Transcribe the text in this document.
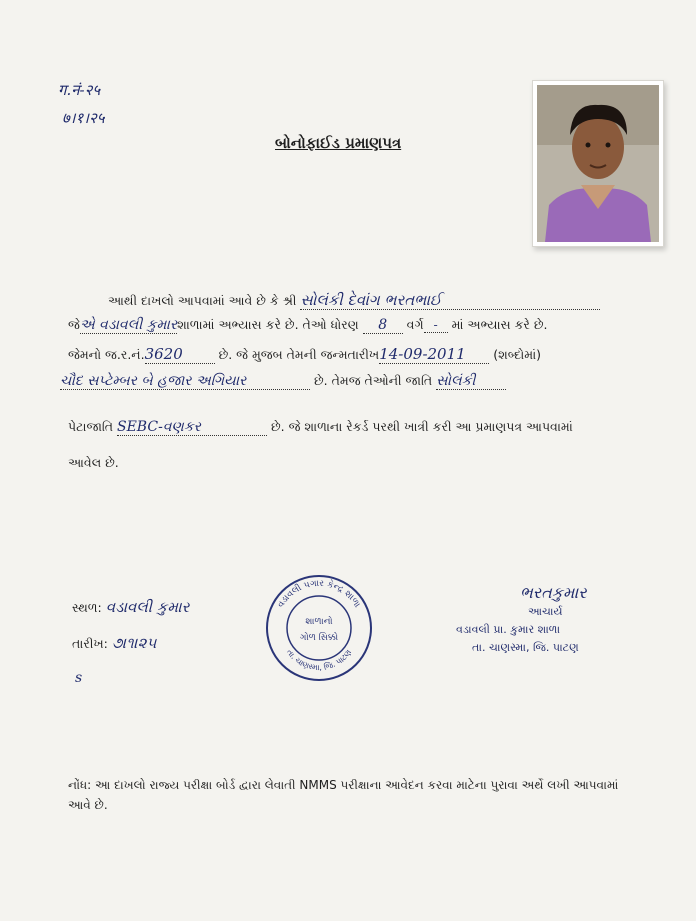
ग.नं-२५
७।१।२५
બોનોફાઈડ પ્રમાણપત્ર
આથી દાખલો આપવામાં આવે છે કે શ્રી સોલંકી દેવાંગ ભરતભાઈ
જેએ વડાવલી કુમારશાળામાં અભ્યાસ કરે છે. તેઓ ધોરણ 8 વર્ગ - માં અભ્યાસ કરે છે.
જેમનો જ.ર.નં.3620	છે. જે મુજબ તેમની જન્મતારીખ14-09-2011 (શબ્દોમાં)
ચૌદ સપ્ટેમ્બર બે હજાર અગિયાર	છે. તેમજ તેઓની જાતિ સોલંકી
પેટાજાતિ SEBC-વણકર	છે. જે શાળાના રેકર્ડ પરથી ખાત્રી કરી આ પ્રમાણપત્ર આપવામાં
આવેલ છે.
સ્થળ: વડાવલી કુમાર
તારીખ: ૭।૧।૨૫
s
વડાવલી પગાર કેન્દ્ર શાળા
તા. ચાણસ્મા, જિ. પાટણ
શાળાનો
ગોળ સિક્કો
ભરતકુમાર
આચાર્ય
વડાવલી પ્રા. કુમાર શાળા
તા. ચાણસ્મા, જિ. પાટણ
નોંધ: આ દાખલો રાજ્ય પરીક્ષા બોર્ડ દ્વારા લેવાતી NMMS પરીક્ષાના આવેદન કરવા માટેના પુરાવા અર્થે લખી આપવામાં આવે છે.
